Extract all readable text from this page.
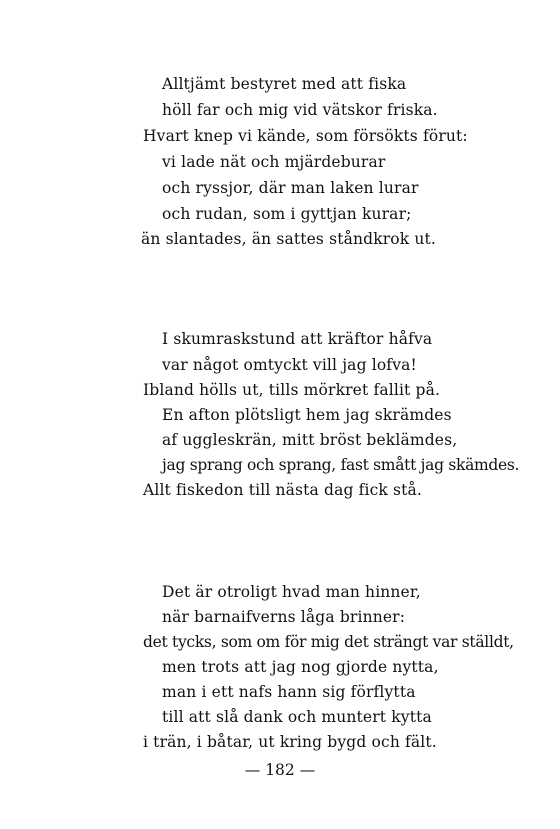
Alltjämt bestyret med att fiska
höll far och mig vid vätskor friska.
Hvart knep vi kände, som försökts förut:
vi lade nät och mjärdeburar
och ryssjor, där man laken lurar
och rudan, som i gyttjan kurar;
än slantades, än sattes ståndkrok ut.
I skumraskstund att kräftor håfva
var något omtyckt vill jag lofva!
Ibland hölls ut, tills mörkret fallit på.
En afton plötsligt hem jag skrämdes
af uggleskrän, mitt bröst beklämdes,
jag sprang och sprang, fast smått jag skämdes.
Allt fiskedon till nästa dag fick stå.
Det är otroligt hvad man hinner,
när barnaifverns låga brinner:
det tycks, som om för mig det strängt var ställdt,
men trots att jag nog gjorde nytta,
man i ett nafs hann sig förflytta
till att slå dank och muntert kytta
i trän, i båtar, ut kring bygd och fält.
— 182 —
